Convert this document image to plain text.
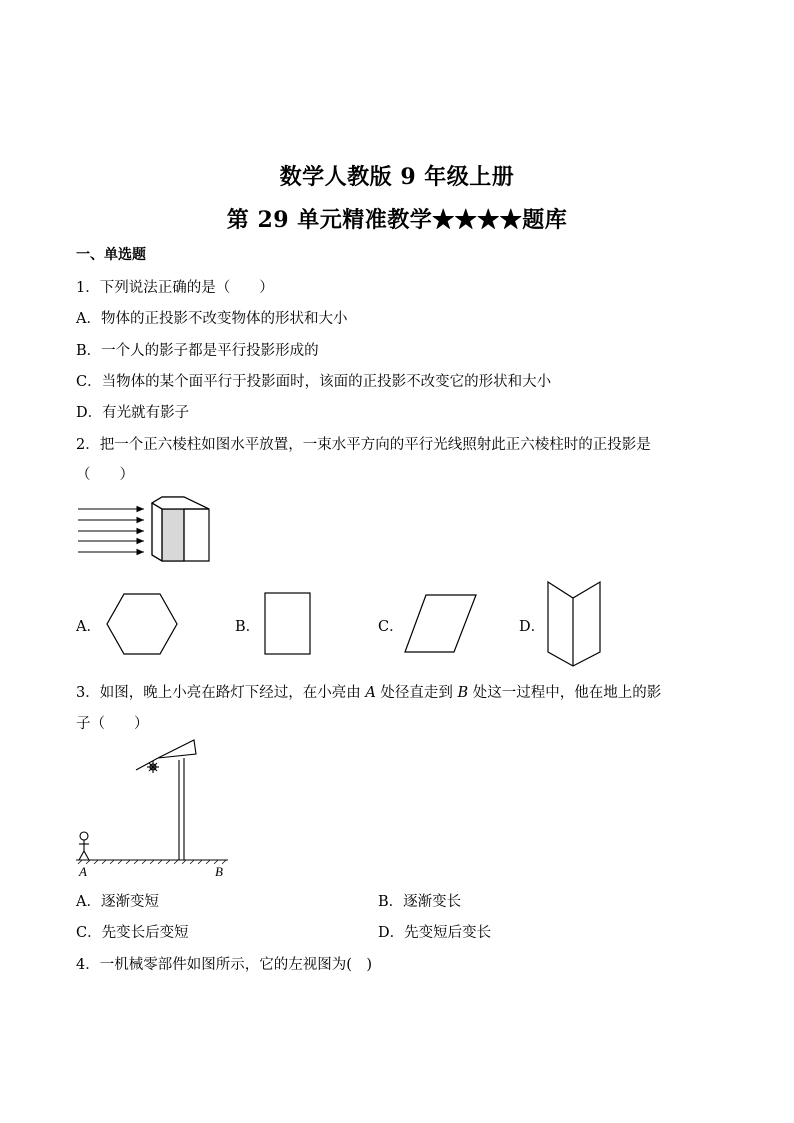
数学人教版 9 年级上册
第 29 单元精准教学★★★★题库
一、单选题
1．下列说法正确的是（　　）
A．物体的正投影不改变物体的形状和大小
B．一个人的影子都是平行投影形成的
C．当物体的某个面平行于投影面时，该面的正投影不改变它的形状和大小
D．有光就有影子
2．把一个正六棱柱如图水平放置，一束水平方向的平行光线照射此正六棱柱时的正投影是
（　　）
A．	B．	C．	D．
3．如图，晚上小亮在路灯下经过，在小亮由 A 处径直走到 B 处这一过程中，他在地上的影
子（　　）
A	B
A．逐渐变短	B．逐渐变长
C．先变长后变短	D．先变短后变长
4．一机械零部件如图所示，它的左视图为(　)
